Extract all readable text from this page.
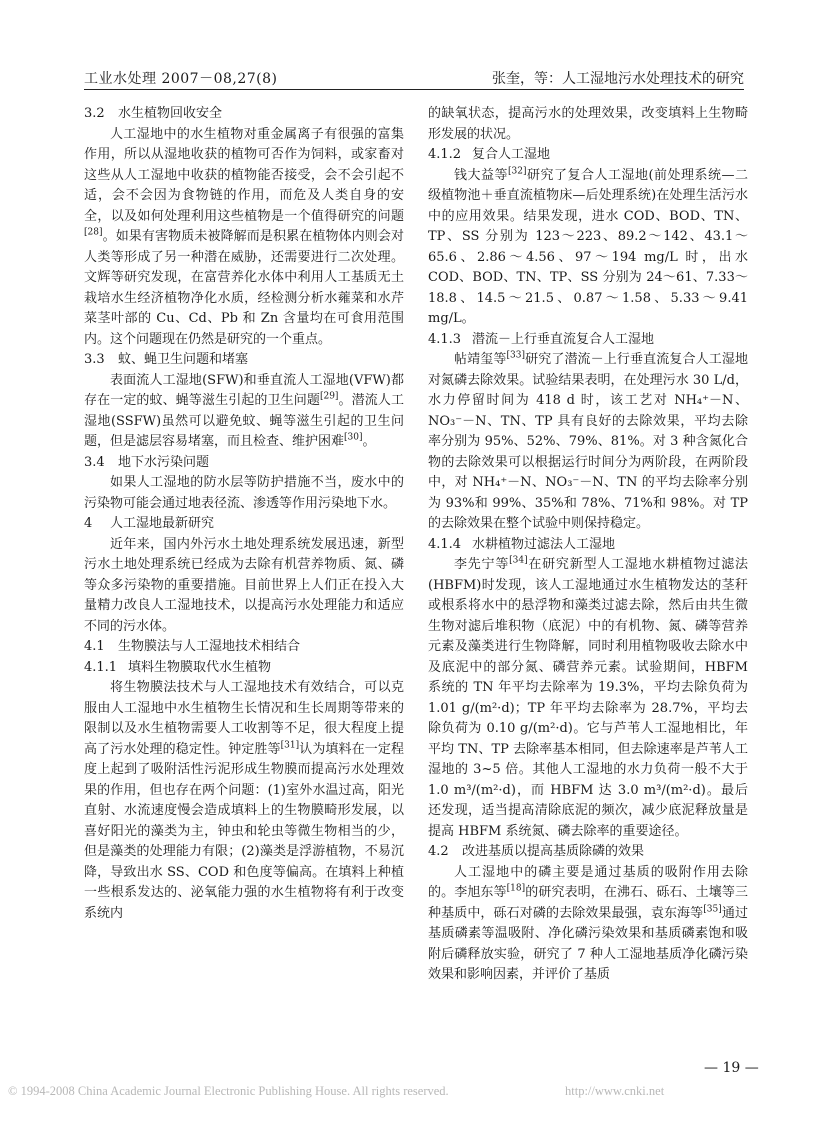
工业水处理 2007－08,27(8)	张奎，等：人工湿地污水处理技术的研究
3.2 水生植物回收安全

人工湿地中的水生植物对重金属离子有很强的富集作用，所以从湿地收获的植物可否作为饲料，或家畜对这些从人工湿地中收获的植物能否接受，会不会引起不适，会不会因为食物链的作用，而危及人类自身的安全，以及如何处理利用这些植物是一个值得研究的问题[28]。如果有害物质未被降解而是积累在植物体内则会对人类等形成了另一种潜在威胁，还需要进行二次处理。文辉等研究发现，在富营养化水体中利用人工基质无土栽培水生经济植物净化水质，经检测分析水蕹菜和水芹菜茎叶部的 Cu、Cd、Pb 和 Zn 含量均在可食用范围内。这个问题现在仍然是研究的一个重点。

3.3 蚊、蝇卫生问题和堵塞

表面流人工湿地(SFW)和垂直流人工湿地(VFW)都存在一定的蚊、蝇等滋生引起的卫生问题[29]。潜流人工湿地(SSFW)虽然可以避免蚊、蝇等滋生引起的卫生问题，但是滤层容易堵塞，而且检查、维护困难[30]。

3.4 地下水污染问题

如果人工湿地的防水层等防护措施不当，废水中的污染物可能会通过地表径流、渗透等作用污染地下水。

4 人工湿地最新研究

近年来，国内外污水土地处理系统发展迅速，新型污水土地处理系统已经成为去除有机营养物质、氮、磷等众多污染物的重要措施。目前世界上人们正在投入大量精力改良人工湿地技术，以提高污水处理能力和适应不同的污水体。

4.1 生物膜法与人工湿地技术相结合
4.1.1 填料生物膜取代水生植物

将生物膜法技术与人工湿地技术有效结合，可以克服由人工湿地中水生植物生长情况和生长周期等带来的限制以及水生植物需要人工收割等不足，很大程度上提高了污水处理的稳定性。钟定胜等[31]认为填料在一定程度上起到了吸附活性污泥形成生物膜而提高污水处理效果的作用，但也存在两个问题：(1)室外水温过高，阳光直射、水流速度慢会造成填料上的生物膜畸形发展，以喜好阳光的藻类为主，钟虫和轮虫等微生物相当的少，但是藻类的处理能力有限；(2)藻类是浮游植物，不易沉降，导致出水 SS、COD 和色度等偏高。在填料上种植一些根系发达的、泌氧能力强的水生植物将有利于改变系统内

的缺氧状态，提高污水的处理效果，改变填料上生物畸形发展的状况。

4.1.2 复合人工湿地

钱大益等[32]研究了复合人工湿地(前处理系统—二级植物池＋垂直流植物床—后处理系统)在处理生活污水中的应用效果。结果发现，进水 COD、BOD、TN、TP、SS 分别为 123～223、89.2～142、43.1～65.6、2.86～4.56、97～194 mg/L 时，出水 COD、BOD、TN、TP、SS 分别为 24～61、7.33～18.8、14.5～21.5、0.87～1.58、5.33～9.41 mg/L。

4.1.3 潜流－上行垂直流复合人工湿地

帖靖玺等[33]研究了潜流－上行垂直流复合人工湿地对氮磷去除效果。试验结果表明，在处理污水 30 L/d，水力停留时间为 418 d 时，该工艺对 NH₄⁺－N、NO₃⁻－N、TN、TP 具有良好的去除效果，平均去除率分别为 95%、52%、79%、81%。对 3 种含氮化合物的去除效果可以根据运行时间分为两阶段，在两阶段中，对 NH₄⁺－N、NO₃⁻－N、TN 的平均去除率分别为 93%和 99%、35%和 78%、71%和 98%。对 TP 的去除效果在整个试验中则保持稳定。

4.1.4 水耕植物过滤法人工湿地

李先宁等[34]在研究新型人工湿地水耕植物过滤法(HBFM)时发现，该人工湿地通过水生植物发达的茎秆或根系将水中的悬浮物和藻类过滤去除，然后由共生微生物对滤后堆积物（底泥）中的有机物、氮、磷等营养元素及藻类进行生物降解，同时利用植物吸收去除水中及底泥中的部分氮、磷营养元素。试验期间，HBFM 系统的 TN 年平均去除率为 19.3%，平均去除负荷为 1.01 g/(m²·d)；TP 年平均去除率为 28.7%，平均去除负荷为 0.10 g/(m²·d)。它与芦苇人工湿地相比，年平均 TN、TP 去除率基本相同，但去除速率是芦苇人工湿地的 3~5 倍。其他人工湿地的水力负荷一般不大于 1.0 m³/(m²·d)，而 HBFM 达 3.0 m³/(m²·d)。最后还发现，适当提高清除底泥的频次，减少底泥释放量是提高 HBFM 系统氮、磷去除率的重要途径。

4.2 改进基质以提高基质除磷的效果

人工湿地中的磷主要是通过基质的吸附作用去除的。李旭东等[18]的研究表明，在沸石、砾石、土壤等三种基质中，砾石对磷的去除效果最强，袁东海等[35]通过基质磷素等温吸附、净化磷污染效果和基质磷素饱和吸附后磷释放实验，研究了 7 种人工湿地基质净化磷污染效果和影响因素，并评价了基质

— 19 —
© 1994-2008 China Academic Journal Electronic Publishing House. All rights reserved.	http://www.cnki.net
